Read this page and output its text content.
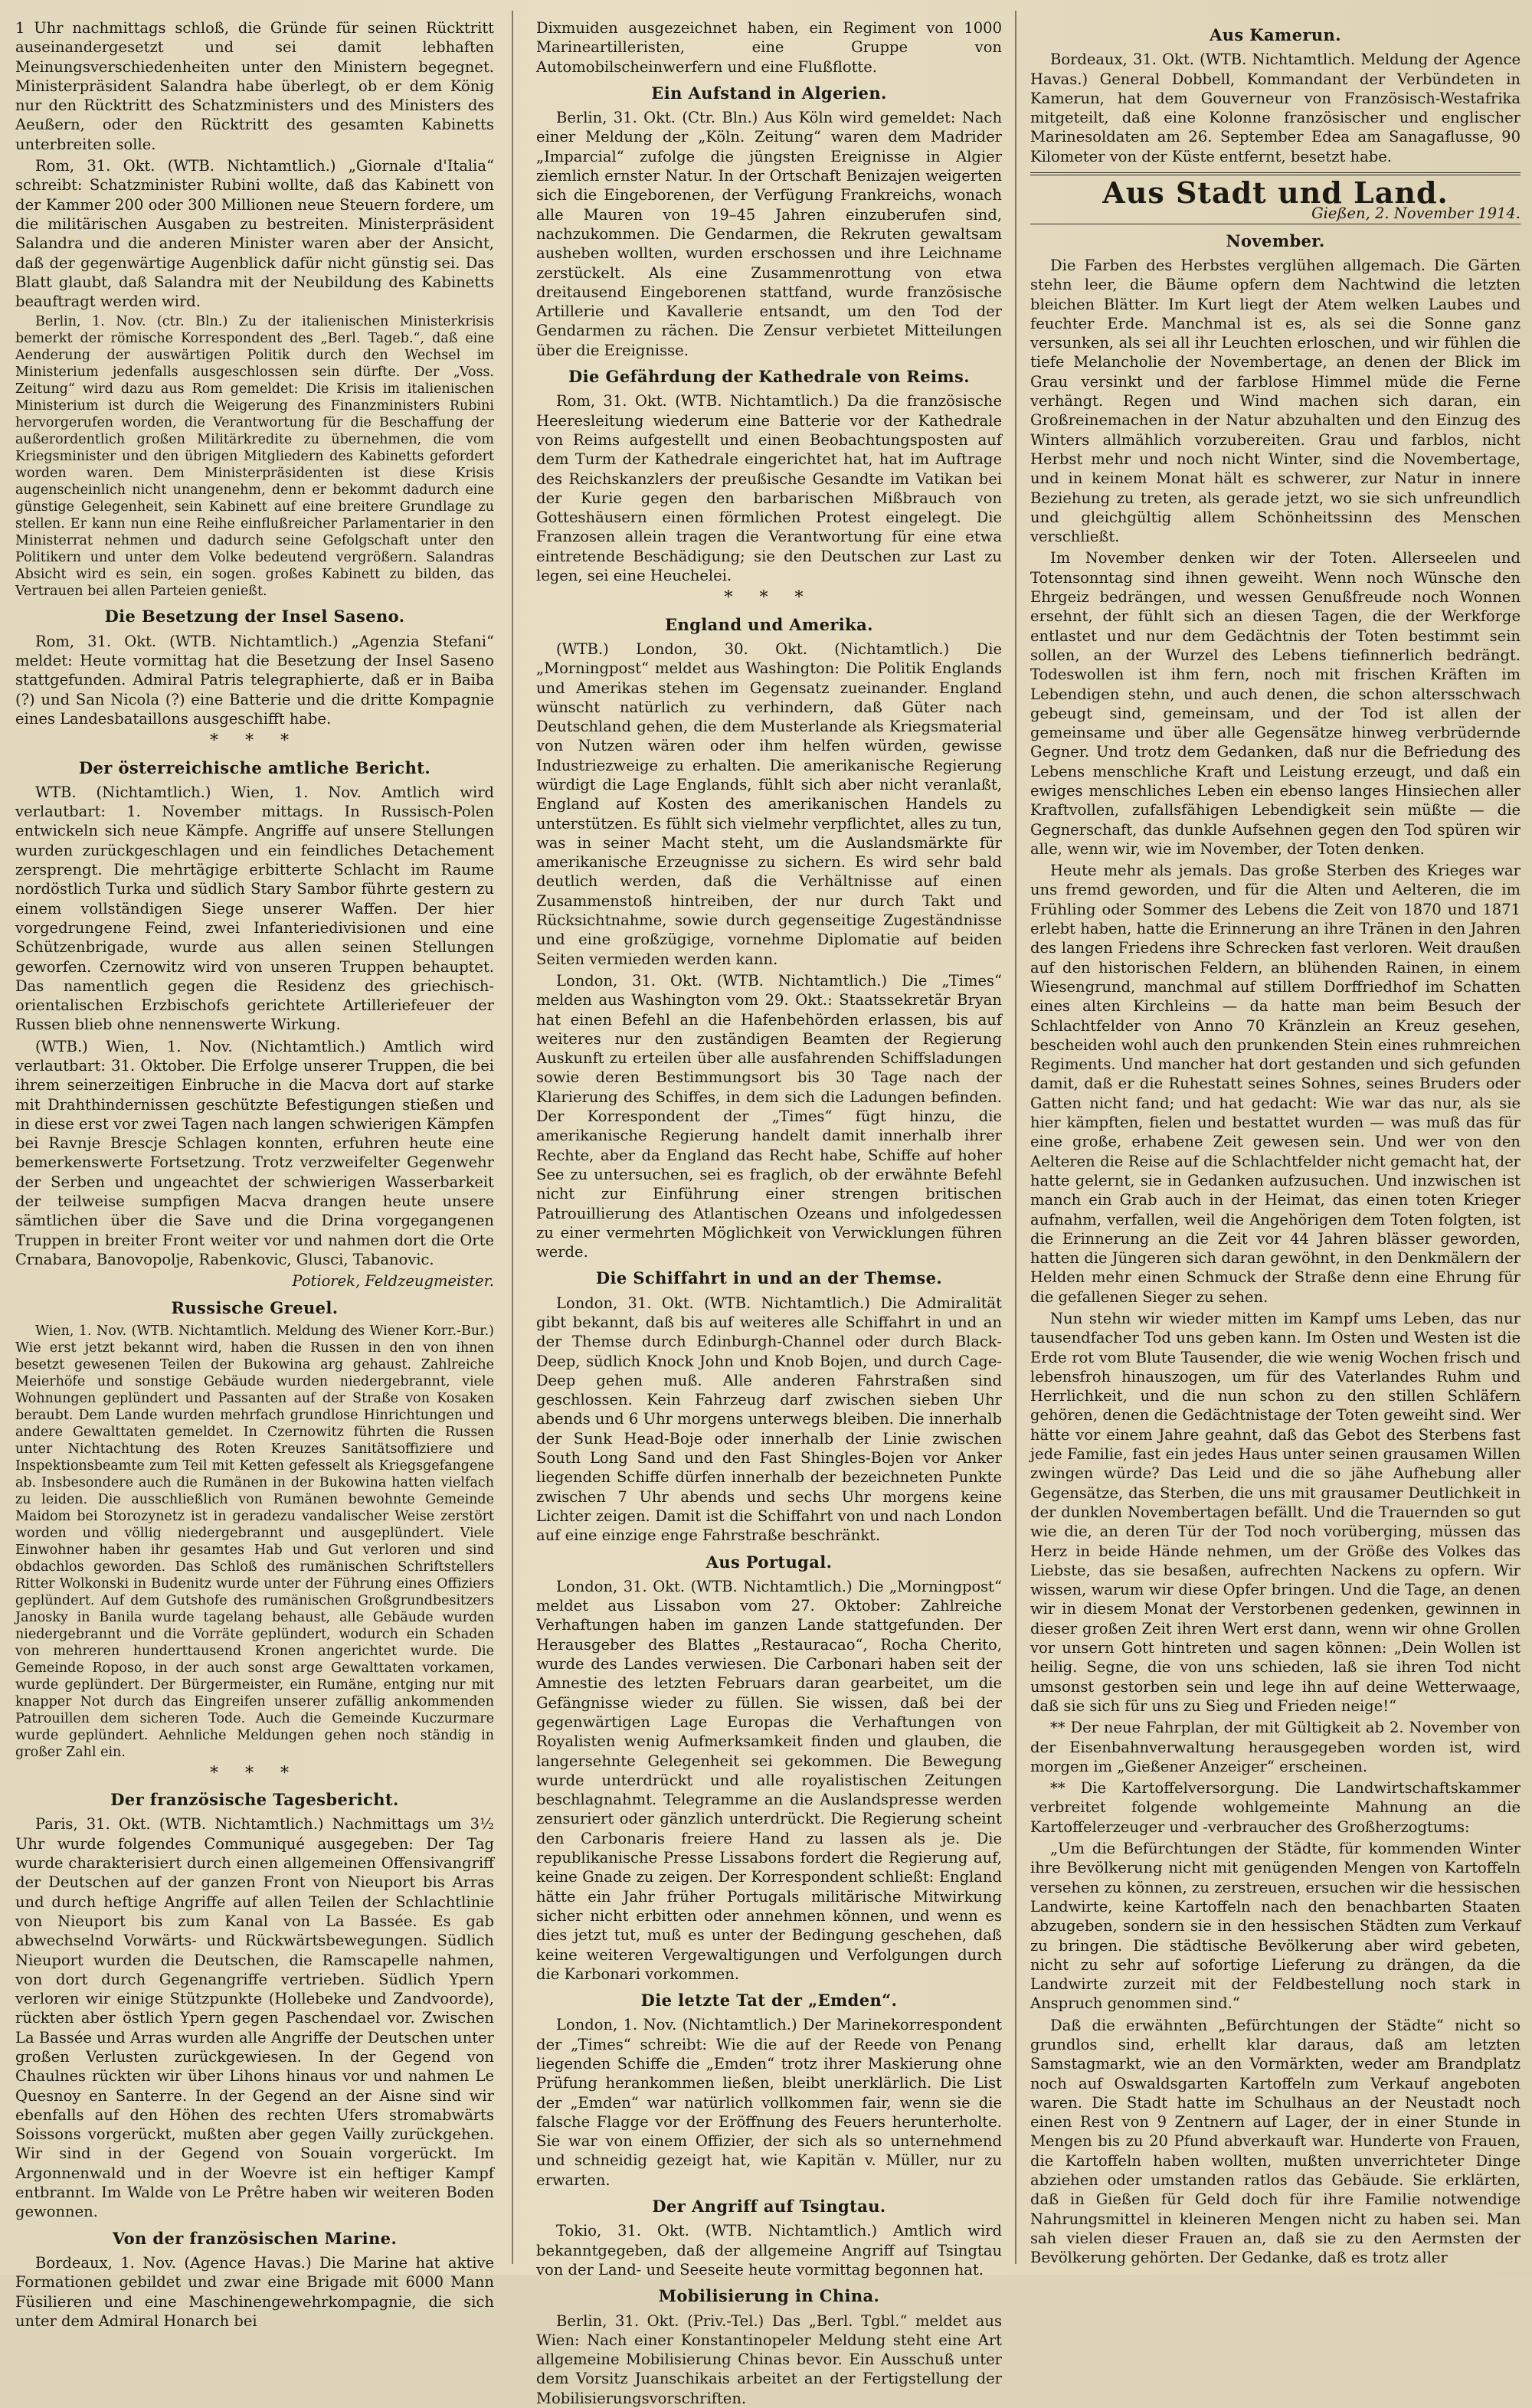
1 Uhr nachmittags schloß, die Gründe für seinen Rücktritt auseinandergesetzt und sei damit lebhaften Meinungsverschiedenheiten unter den Ministern begegnet. Ministerpräsident Salandra habe überlegt, ob er dem König nur den Rücktritt des Schatzministers und des Ministers des Aeußern, oder den Rücktritt des gesamten Kabinetts unterbreiten solle.

Rom, 31. Okt. (WTB. Nichtamtlich.) „Giornale d'Italia“ schreibt: Schatzminister Rubini wollte, daß das Kabinett von der Kammer 200 oder 300 Millionen neue Steuern fordere, um die militärischen Ausgaben zu bestreiten. Ministerpräsident Salandra und die anderen Minister waren aber der Ansicht, daß der gegenwärtige Augenblick dafür nicht günstig sei. Das Blatt glaubt, daß Salandra mit der Neubildung des Kabinetts beauftragt werden wird.

Berlin, 1. Nov. (ctr. Bln.) Zu der italienischen Ministerkrisis bemerkt der römische Korrespondent des „Berl. Tageb.“, daß eine Aenderung der auswärtigen Politik durch den Wechsel im Ministerium jedenfalls ausgeschlossen sein dürfte. Der „Voss. Zeitung“ wird dazu aus Rom gemeldet: Die Krisis im italienischen Ministerium ist durch die Weigerung des Finanzministers Rubini hervorgerufen worden, die Verantwortung für die Beschaffung der außerordentlich großen Militärkredite zu übernehmen, die vom Kriegsminister und den übrigen Mitgliedern des Kabinetts gefordert worden waren. Dem Ministerpräsidenten ist diese Krisis augenscheinlich nicht unangenehm, denn er bekommt dadurch eine günstige Gelegenheit, sein Kabinett auf eine breitere Grundlage zu stellen. Er kann nun eine Reihe einflußreicher Parlamentarier in den Ministerrat nehmen und dadurch seine Gefolgschaft unter den Politikern und unter dem Volke bedeutend vergrößern. Salandras Absicht wird es sein, ein sogen. großes Kabinett zu bilden, das Vertrauen bei allen Parteien genießt.

Die Besetzung der Insel Saseno.

Rom, 31. Okt. (WTB. Nichtamtlich.) „Agenzia Stefani“ meldet: Heute vormittag hat die Besetzung der Insel Saseno stattgefunden. Admiral Patris telegraphierte, daß er in Baiba (?) und San Nicola (?) eine Batterie und die dritte Kompagnie eines Landesbataillons ausgeschifft habe.

* * *
Der österreichische amtliche Bericht.

WTB. (Nichtamtlich.) Wien, 1. Nov. Amtlich wird verlautbart: 1. November mittags. In Russisch-Polen entwickeln sich neue Kämpfe. Angriffe auf unsere Stellungen wurden zurückgeschlagen und ein feindliches Detachement zersprengt. Die mehrtägige erbitterte Schlacht im Raume nordöstlich Turka und südlich Stary Sambor führte gestern zu einem vollständigen Siege unserer Waffen. Der hier vorgedrungene Feind, zwei Infanteriedivisionen und eine Schützenbrigade, wurde aus allen seinen Stellungen geworfen. Czernowitz wird von unseren Truppen behauptet. Das namentlich gegen die Residenz des griechisch-orientalischen Erzbischofs gerichtete Artilleriefeuer der Russen blieb ohne nennenswerte Wirkung.

(WTB.) Wien, 1. Nov. (Nichtamtlich.) Amtlich wird verlautbart: 31. Oktober. Die Erfolge unserer Truppen, die bei ihrem seinerzeitigen Einbruche in die Macva dort auf starke mit Drahthindernissen geschützte Befestigungen stießen und in diese erst vor zwei Tagen nach langen schwierigen Kämpfen bei Ravnje Brescje Schlagen konnten, erfuhren heute eine bemerkenswerte Fortsetzung. Trotz verzweifelter Gegenwehr der Serben und ungeachtet der schwierigen Wasserbarkeit der teilweise sumpfigen Macva drangen heute unsere sämtlichen über die Save und die Drina vorgegangenen Truppen in breiter Front weiter vor und nahmen dort die Orte Crnabara, Banovopolje, Rabenkovic, Glusci, Tabanovic.

Potiorek, Feldzeugmeister.
Russische Greuel.

Wien, 1. Nov. (WTB. Nichtamtlich. Meldung des Wiener Korr.-Bur.) Wie erst jetzt bekannt wird, haben die Russen in den von ihnen besetzt gewesenen Teilen der Bukowina arg gehaust. Zahlreiche Meierhöfe und sonstige Gebäude wurden niedergebrannt, viele Wohnungen geplündert und Passanten auf der Straße von Kosaken beraubt. Dem Lande wurden mehrfach grundlose Hinrichtungen und andere Gewalttaten gemeldet. In Czernowitz führten die Russen unter Nichtachtung des Roten Kreuzes Sanitätsoffiziere und Inspektionsbeamte zum Teil mit Ketten gefesselt als Kriegsgefangene ab. Insbesondere auch die Rumänen in der Bukowina hatten vielfach zu leiden. Die ausschließlich von Rumänen bewohnte Gemeinde Maidom bei Storozynetz ist in geradezu vandalischer Weise zerstört worden und völlig niedergebrannt und ausgeplündert. Viele Einwohner haben ihr gesamtes Hab und Gut verloren und sind obdachlos geworden. Das Schloß des rumänischen Schriftstellers Ritter Wolkonski in Budenitz wurde unter der Führung eines Offiziers geplündert. Auf dem Gutshofe des rumänischen Großgrundbesitzers Janosky in Banila wurde tagelang behaust, alle Gebäude wurden niedergebrannt und die Vorräte geplündert, wodurch ein Schaden von mehreren hunderttausend Kronen angerichtet wurde. Die Gemeinde Roposo, in der auch sonst arge Gewalttaten vorkamen, wurde geplündert. Der Bürgermeister, ein Rumäne, entging nur mit knapper Not durch das Eingreifen unserer zufällig ankommenden Patrouillen dem sicheren Tode. Auch die Gemeinde Kuczurmare wurde geplündert. Aehnliche Meldungen gehen noch ständig in großer Zahl ein.

* * *
Der französische Tagesbericht.

Paris, 31. Okt. (WTB. Nichtamtlich.) Nachmittags um 3½ Uhr wurde folgendes Communiqué ausgegeben: Der Tag wurde charakterisiert durch einen allgemeinen Offensivangriff der Deutschen auf der ganzen Front von Nieuport bis Arras und durch heftige Angriffe auf allen Teilen der Schlachtlinie von Nieuport bis zum Kanal von La Bassée. Es gab abwechselnd Vorwärts- und Rückwärtsbewegungen. Südlich Nieuport wurden die Deutschen, die Ramscapelle nahmen, von dort durch Gegenangriffe vertrieben. Südlich Ypern verloren wir einige Stützpunkte (Hollebeke und Zandvoorde), rückten aber östlich Ypern gegen Paschendael vor. Zwischen La Bassée und Arras wurden alle Angriffe der Deutschen unter großen Verlusten zurückgewiesen. In der Gegend von Chaulnes rückten wir über Lihons hinaus vor und nahmen Le Quesnoy en Santerre. In der Gegend an der Aisne sind wir ebenfalls auf den Höhen des rechten Ufers stromabwärts Soissons vorgerückt, mußten aber gegen Vailly zurückgehen. Wir sind in der Gegend von Souain vorgerückt. Im Argonnenwald und in der Woevre ist ein heftiger Kampf entbrannt. Im Walde von Le Prêtre haben wir weiteren Boden gewonnen.

Von der französischen Marine.

Bordeaux, 1. Nov. (Agence Havas.) Die Marine hat aktive Formationen gebildet und zwar eine Brigade mit 6000 Mann Füsilieren und eine Maschinengewehrkompagnie, die sich unter dem Admiral Honarch bei

Dixmuiden ausgezeichnet haben, ein Regiment von 1000 Marineartilleristen, eine Gruppe von Automobilscheinwerfern und eine Flußflotte.

Ein Aufstand in Algerien.

Berlin, 31. Okt. (Ctr. Bln.) Aus Köln wird gemeldet: Nach einer Meldung der „Köln. Zeitung“ waren dem Madrider „Imparcial“ zufolge die jüngsten Ereignisse in Algier ziemlich ernster Natur. In der Ortschaft Benizajen weigerten sich die Eingeborenen, der Verfügung Frankreichs, wonach alle Mauren von 19–45 Jahren einzuberufen sind, nachzukommen. Die Gendarmen, die Rekruten gewaltsam ausheben wollten, wurden erschossen und ihre Leichname zerstückelt. Als eine Zusammenrottung von etwa dreitausend Eingeborenen stattfand, wurde französische Artillerie und Kavallerie entsandt, um den Tod der Gendarmen zu rächen. Die Zensur verbietet Mitteilungen über die Ereignisse.

Die Gefährdung der Kathedrale von Reims.

Rom, 31. Okt. (WTB. Nichtamtlich.) Da die französische Heeresleitung wiederum eine Batterie vor der Kathedrale von Reims aufgestellt und einen Beobachtungsposten auf dem Turm der Kathedrale eingerichtet hat, hat im Auftrage des Reichskanzlers der preußische Gesandte im Vatikan bei der Kurie gegen den barbarischen Mißbrauch von Gotteshäusern einen förmlichen Protest eingelegt. Die Franzosen allein tragen die Verantwortung für eine etwa eintretende Beschädigung; sie den Deutschen zur Last zu legen, sei eine Heuchelei.

* * *
England und Amerika.

(WTB.) London, 30. Okt. (Nichtamtlich.) Die „Morningpost“ meldet aus Washington: Die Politik Englands und Amerikas stehen im Gegensatz zueinander. England wünscht natürlich zu verhindern, daß Güter nach Deutschland gehen, die dem Musterlande als Kriegsmaterial von Nutzen wären oder ihm helfen würden, gewisse Industriezweige zu erhalten. Die amerikanische Regierung würdigt die Lage Englands, fühlt sich aber nicht veranlaßt, England auf Kosten des amerikanischen Handels zu unterstützen. Es fühlt sich vielmehr verpflichtet, alles zu tun, was in seiner Macht steht, um die Auslandsmärkte für amerikanische Erzeugnisse zu sichern. Es wird sehr bald deutlich werden, daß die Verhältnisse auf einen Zusammenstoß hintreiben, der nur durch Takt und Rücksichtnahme, sowie durch gegenseitige Zugeständnisse und eine großzügige, vornehme Diplomatie auf beiden Seiten vermieden werden kann.

London, 31. Okt. (WTB. Nichtamtlich.) Die „Times“ melden aus Washington vom 29. Okt.: Staatssekretär Bryan hat einen Befehl an die Hafenbehörden erlassen, bis auf weiteres nur den zuständigen Beamten der Regierung Auskunft zu erteilen über alle ausfahrenden Schiffsladungen sowie deren Bestimmungsort bis 30 Tage nach der Klarierung des Schiffes, in dem sich die Ladungen befinden. Der Korrespondent der „Times“ fügt hinzu, die amerikanische Regierung handelt damit innerhalb ihrer Rechte, aber da England das Recht habe, Schiffe auf hoher See zu untersuchen, sei es fraglich, ob der erwähnte Befehl nicht zur Einführung einer strengen britischen Patrouillierung des Atlantischen Ozeans und infolgedessen zu einer vermehrten Möglichkeit von Verwicklungen führen werde.

Die Schiffahrt in und an der Themse.

London, 31. Okt. (WTB. Nichtamtlich.) Die Admiralität gibt bekannt, daß bis auf weiteres alle Schiffahrt in und an der Themse durch Edinburgh-Channel oder durch Black-Deep, südlich Knock John und Knob Bojen, und durch Cage-Deep gehen muß. Alle anderen Fahrstraßen sind geschlossen. Kein Fahrzeug darf zwischen sieben Uhr abends und 6 Uhr morgens unterwegs bleiben. Die innerhalb der Sunk Head-Boje oder innerhalb der Linie zwischen South Long Sand und den Fast Shingles-Bojen vor Anker liegenden Schiffe dürfen innerhalb der bezeichneten Punkte zwischen 7 Uhr abends und sechs Uhr morgens keine Lichter zeigen. Damit ist die Schiffahrt von und nach London auf eine einzige enge Fahrstraße beschränkt.

Aus Portugal.

London, 31. Okt. (WTB. Nichtamtlich.) Die „Morningpost“ meldet aus Lissabon vom 27. Oktober: Zahlreiche Verhaftungen haben im ganzen Lande stattgefunden. Der Herausgeber des Blattes „Restauracao“, Rocha Cherito, wurde des Landes verwiesen. Die Carbonari haben seit der Amnestie des letzten Februars daran gearbeitet, um die Gefängnisse wieder zu füllen. Sie wissen, daß bei der gegenwärtigen Lage Europas die Verhaftungen von Royalisten wenig Aufmerksamkeit finden und glauben, die langersehnte Gelegenheit sei gekommen. Die Bewegung wurde unterdrückt und alle royalistischen Zeitungen beschlagnahmt. Telegramme an die Auslandspresse werden zensuriert oder gänzlich unterdrückt. Die Regierung scheint den Carbonaris freiere Hand zu lassen als je. Die republikanische Presse Lissabons fordert die Regierung auf, keine Gnade zu zeigen. Der Korrespondent schließt: England hätte ein Jahr früher Portugals militärische Mitwirkung sicher nicht erbitten oder annehmen können, und wenn es dies jetzt tut, muß es unter der Bedingung geschehen, daß keine weiteren Vergewaltigungen und Verfolgungen durch die Karbonari vorkommen.

Die letzte Tat der „Emden“.

London, 1. Nov. (Nichtamtlich.) Der Marinekorrespondent der „Times“ schreibt: Wie die auf der Reede von Penang liegenden Schiffe die „Emden“ trotz ihrer Maskierung ohne Prüfung herankommen ließen, bleibt unerklärlich. Die List der „Emden“ war natürlich vollkommen fair, wenn sie die falsche Flagge vor der Eröffnung des Feuers herunterholte. Sie war von einem Offizier, der sich als so unternehmend und schneidig gezeigt hat, wie Kapitän v. Müller, nur zu erwarten.

Der Angriff auf Tsingtau.

Tokio, 31. Okt. (WTB. Nichtamtlich.) Amtlich wird bekanntgegeben, daß der allgemeine Angriff auf Tsingtau von der Land- und Seeseite heute vormittag begonnen hat.

Mobilisierung in China.

Berlin, 31. Okt. (Priv.-Tel.) Das „Berl. Tgbl.“ meldet aus Wien: Nach einer Konstantinopeler Meldung steht eine Art allgemeine Mobilisierung Chinas bevor. Ein Ausschuß unter dem Vorsitz Juanschikais arbeitet an der Fertigstellung der Mobilisierungsvorschriften.

Aus Kamerun.

Bordeaux, 31. Okt. (WTB. Nichtamtlich. Meldung der Agence Havas.) General Dobbell, Kommandant der Verbündeten in Kamerun, hat dem Gouverneur von Französisch-Westafrika mitgeteilt, daß eine Kolonne französischer und englischer Marinesoldaten am 26. September Edea am Sanagaflusse, 90 Kilometer von der Küste entfernt, besetzt habe.

Aus Stadt und Land.
Gießen, 2. November 1914.
November.

Die Farben des Herbstes verglühen allgemach. Die Gärten stehn leer, die Bäume opfern dem Nachtwind die letzten bleichen Blätter. Im Kurt liegt der Atem welken Laubes und feuchter Erde. Manchmal ist es, als sei die Sonne ganz versunken, als sei all ihr Leuchten erloschen, und wir fühlen die tiefe Melancholie der Novembertage, an denen der Blick im Grau versinkt und der farblose Himmel müde die Ferne verhängt. Regen und Wind machen sich daran, ein Großreinemachen in der Natur abzuhalten und den Einzug des Winters allmählich vorzubereiten. Grau und farblos, nicht Herbst mehr und noch nicht Winter, sind die Novembertage, und in keinem Monat hält es schwerer, zur Natur in innere Beziehung zu treten, als gerade jetzt, wo sie sich unfreundlich und gleichgültig allem Schönheitssinn des Menschen verschließt.

Im November denken wir der Toten. Allerseelen und Totensonntag sind ihnen geweiht. Wenn noch Wünsche den Ehrgeiz bedrängen, und wessen Genußfreude noch Wonnen ersehnt, der fühlt sich an diesen Tagen, die der Werkforge entlastet und nur dem Gedächtnis der Toten bestimmt sein sollen, an der Wurzel des Lebens tiefinnerlich bedrängt. Todeswollen ist ihm fern, noch mit frischen Kräften im Lebendigen stehn, und auch denen, die schon altersschwach gebeugt sind, gemeinsam, und der Tod ist allen der gemeinsame und über alle Gegensätze hinweg verbrüdernde Gegner. Und trotz dem Gedanken, daß nur die Befriedung des Lebens menschliche Kraft und Leistung erzeugt, und daß ein ewiges menschliches Leben ein ebenso langes Hinsiechen aller Kraftvollen, zufallsfähigen Lebendigkeit sein müßte — die Gegnerschaft, das dunkle Aufsehnen gegen den Tod spüren wir alle, wenn wir, wie im November, der Toten denken.

Heute mehr als jemals. Das große Sterben des Krieges war uns fremd geworden, und für die Alten und Aelteren, die im Frühling oder Sommer des Lebens die Zeit von 1870 und 1871 erlebt haben, hatte die Erinnerung an ihre Tränen in den Jahren des langen Friedens ihre Schrecken fast verloren. Weit draußen auf den historischen Feldern, an blühenden Rainen, in einem Wiesengrund, manchmal auf stillem Dorffriedhof im Schatten eines alten Kirchleins — da hatte man beim Besuch der Schlachtfelder von Anno 70 Kränzlein an Kreuz gesehen, bescheiden wohl auch den prunkenden Stein eines ruhmreichen Regiments. Und mancher hat dort gestanden und sich gefunden damit, daß er die Ruhestatt seines Sohnes, seines Bruders oder Gatten nicht fand; und hat gedacht: Wie war das nur, als sie hier kämpften, fielen und bestattet wurden — was muß das für eine große, erhabene Zeit gewesen sein. Und wer von den Aelteren die Reise auf die Schlachtfelder nicht gemacht hat, der hatte gelernt, sie in Gedanken aufzusuchen. Und inzwischen ist manch ein Grab auch in der Heimat, das einen toten Krieger aufnahm, verfallen, weil die Angehörigen dem Toten folgten, ist die Erinnerung an die Zeit vor 44 Jahren blässer geworden, hatten die Jüngeren sich daran gewöhnt, in den Denkmälern der Helden mehr einen Schmuck der Straße denn eine Ehrung für die gefallenen Sieger zu sehen.

Nun stehn wir wieder mitten im Kampf ums Leben, das nur tausendfacher Tod uns geben kann. Im Osten und Westen ist die Erde rot vom Blute Tausender, die wie wenig Wochen frisch und lebensfroh hinauszogen, um für des Vaterlandes Ruhm und Herrlichkeit, und die nun schon zu den stillen Schläfern gehören, denen die Gedächtnistage der Toten geweiht sind. Wer hätte vor einem Jahre geahnt, daß das Gebot des Sterbens fast jede Familie, fast ein jedes Haus unter seinen grausamen Willen zwingen würde? Das Leid und die so jähe Aufhebung aller Gegensätze, das Sterben, die uns mit grausamer Deutlichkeit in der dunklen Novembertagen befällt. Und die Trauernden so gut wie die, an deren Tür der Tod noch vorüberging, müssen das Herz in beide Hände nehmen, um der Größe des Volkes das Liebste, das sie besaßen, aufrechten Nackens zu opfern. Wir wissen, warum wir diese Opfer bringen. Und die Tage, an denen wir in diesem Monat der Verstorbenen gedenken, gewinnen in dieser großen Zeit ihren Wert erst dann, wenn wir ohne Grollen vor unsern Gott hintreten und sagen können: „Dein Wollen ist heilig. Segne, die von uns schieden, laß sie ihren Tod nicht umsonst gestorben sein und lege ihn auf deine Wetterwaage, daß sie sich für uns zu Sieg und Frieden neige!“

** Der neue Fahrplan, der mit Gültigkeit ab 2. November von der Eisenbahnverwaltung herausgegeben worden ist, wird morgen im „Gießener Anzeiger“ erscheinen.

** Die Kartoffelversorgung. Die Landwirtschaftskammer verbreitet folgende wohlgemeinte Mahnung an die Kartoffelerzeuger und -verbraucher des Großherzogtums:

„Um die Befürchtungen der Städte, für kommenden Winter ihre Bevölkerung nicht mit genügenden Mengen von Kartoffeln versehen zu können, zu zerstreuen, ersuchen wir die hessischen Landwirte, keine Kartoffeln nach den benachbarten Staaten abzugeben, sondern sie in den hessischen Städten zum Verkauf zu bringen. Die städtische Bevölkerung aber wird gebeten, nicht zu sehr auf sofortige Lieferung zu drängen, da die Landwirte zurzeit mit der Feldbestellung noch stark in Anspruch genommen sind.“

Daß die erwähnten „Befürchtungen der Städte“ nicht so grundlos sind, erhellt klar daraus, daß am letzten Samstagmarkt, wie an den Vormärkten, weder am Brandplatz noch auf Oswaldsgarten Kartoffeln zum Verkauf angeboten waren. Die Stadt hatte im Schulhaus an der Neustadt noch einen Rest von 9 Zentnern auf Lager, der in einer Stunde in Mengen bis zu 20 Pfund abverkauft war. Hunderte von Frauen, die Kartoffeln haben wollten, mußten unverrichteter Dinge abziehen oder umstanden ratlos das Gebäude. Sie erklärten, daß in Gießen für Geld doch für ihre Familie notwendige Nahrungsmittel in kleineren Mengen nicht zu haben sei. Man sah vielen dieser Frauen an, daß sie zu den Aermsten der Bevölkerung gehörten. Der Gedanke, daß es trotz aller
